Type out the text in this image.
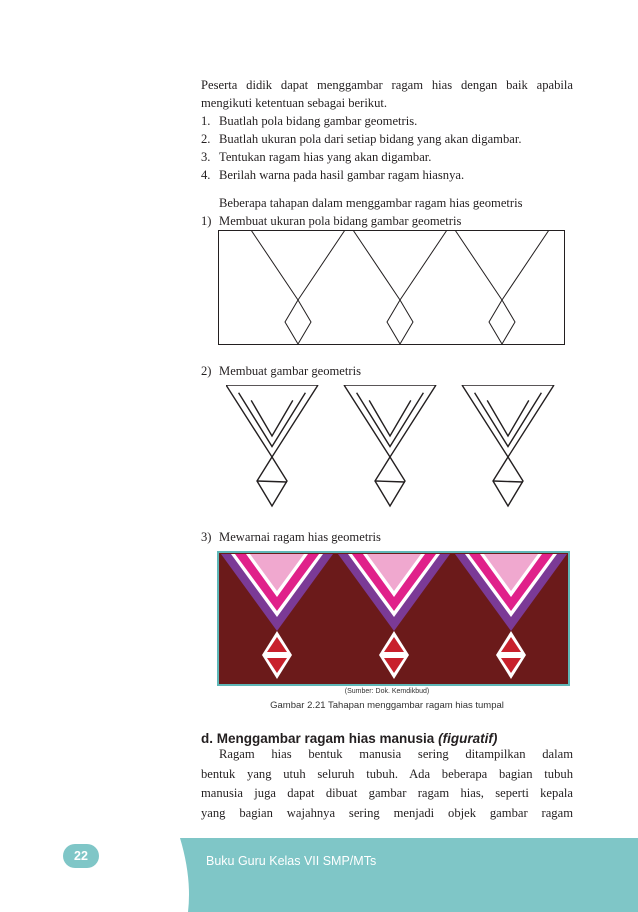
Peserta didik dapat menggambar ragam hias dengan baik apabila
mengikuti ketentuan sebagai berikut.
1. Buatlah pola bidang gambar geometris.
2. Buatlah ukuran pola dari setiap bidang yang akan digambar.
3. Tentukan ragam hias yang akan digambar.
4. Berilah warna pada hasil gambar ragam hiasnya.
Beberapa tahapan dalam menggambar ragam hias geometris
1) Membuat ukuran pola bidang gambar geometris
2) Membuat gambar geometris
3) Mewarnai ragam hias geometris
(Sumber: Dok. Kemdikbud)
Gambar 2.21 Tahapan menggambar ragam hias tumpal
d. Menggambar ragam hias manusia (figuratif)
Ragam hias bentuk manusia sering ditampilkan dalam
bentuk yang utuh seluruh tubuh. Ada beberapa bagian tubuh
manusia juga dapat dibuat gambar ragam hias, seperti kepala
yang bagian wajahnya sering menjadi objek gambar ragam
22	Buku Guru Kelas VII SMP/MTs
